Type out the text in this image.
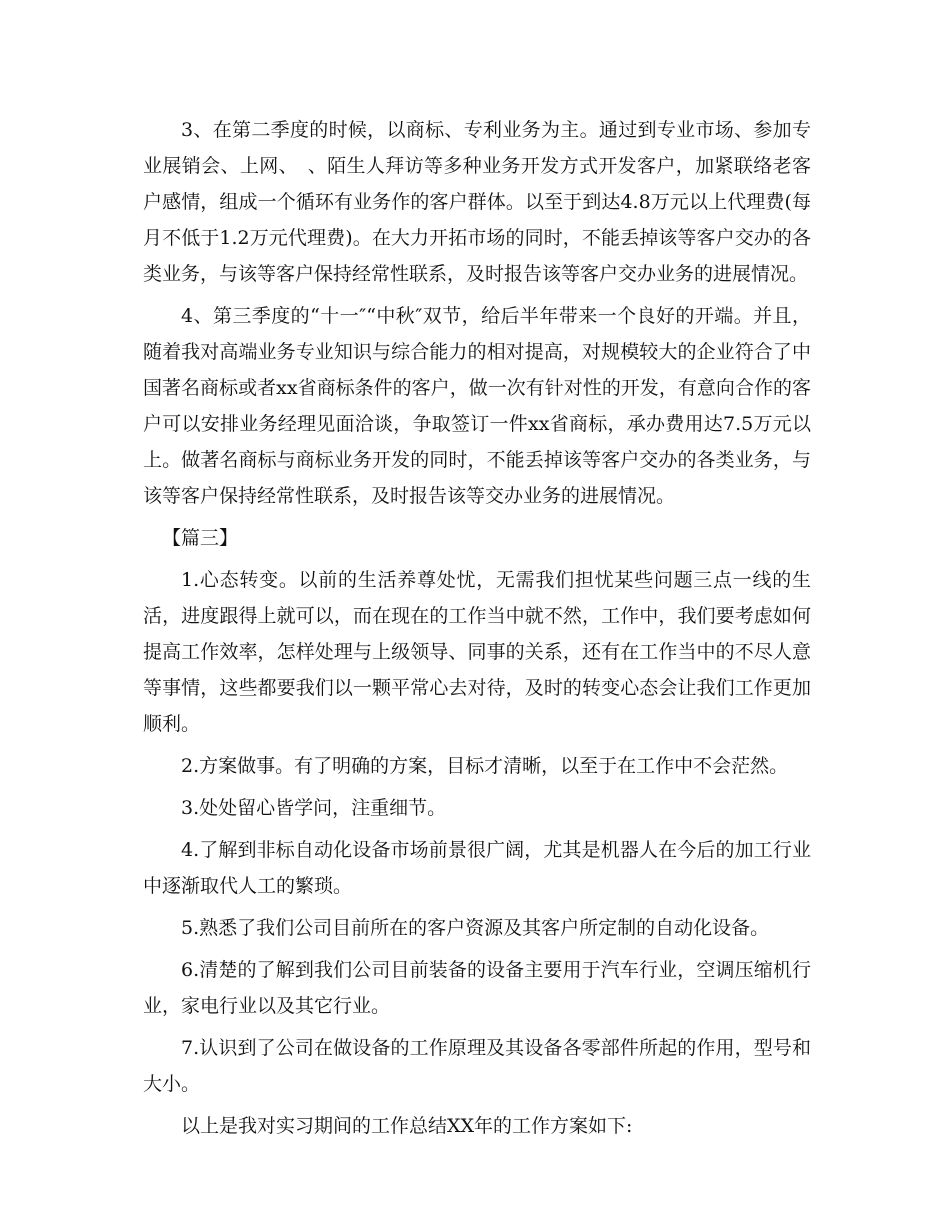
3、在第二季度的时候，以商标、专利业务为主。通过到专业市场、参加专业展销会、上网、　、陌生人拜访等多种业务开发方式开发客户，加紧联络老客户感情，组成一个循环有业务作的客户群体。以至于到达4.8万元以上代理费(每月不低于1.2万元代理费)。在大力开拓市场的同时，不能丢掉该等客户交办的各类业务，与该等客户保持经常性联系，及时报告该等客户交办业务的进展情况。

4、第三季度的“十一″“中秋″双节，给后半年带来一个良好的开端。并且，随着我对高端业务专业知识与综合能力的相对提高，对规模较大的企业符合了中国著名商标或者xx省商标条件的客户，做一次有针对性的开发，有意向合作的客户可以安排业务经理见面洽谈，争取签订一件xx省商标，承办费用达7.5万元以上。做著名商标与商标业务开发的同时，不能丢掉该等客户交办的各类业务，与该等客户保持经常性联系，及时报告该等交办业务的进展情况。

【篇三】

1.心态转变。以前的生活养尊处忧，无需我们担忧某些问题三点一线的生活，进度跟得上就可以，而在现在的工作当中就不然，工作中，我们要考虑如何提高工作效率，怎样处理与上级领导、同事的关系，还有在工作当中的不尽人意等事情，这些都要我们以一颗平常心去对待，及时的转变心态会让我们工作更加顺利。

2.方案做事。有了明确的方案，目标才清晰，以至于在工作中不会茫然。

3.处处留心皆学问，注重细节。

4.了解到非标自动化设备市场前景很广阔，尤其是机器人在今后的加工行业中逐渐取代人工的繁琐。

5.熟悉了我们公司目前所在的客户资源及其客户所定制的自动化设备。

6.清楚的了解到我们公司目前装备的设备主要用于汽车行业，空调压缩机行业，家电行业以及其它行业。

7.认识到了公司在做设备的工作原理及其设备各零部件所起的作用，型号和大小。

以上是我对实习期间的工作总结XX年的工作方案如下:
